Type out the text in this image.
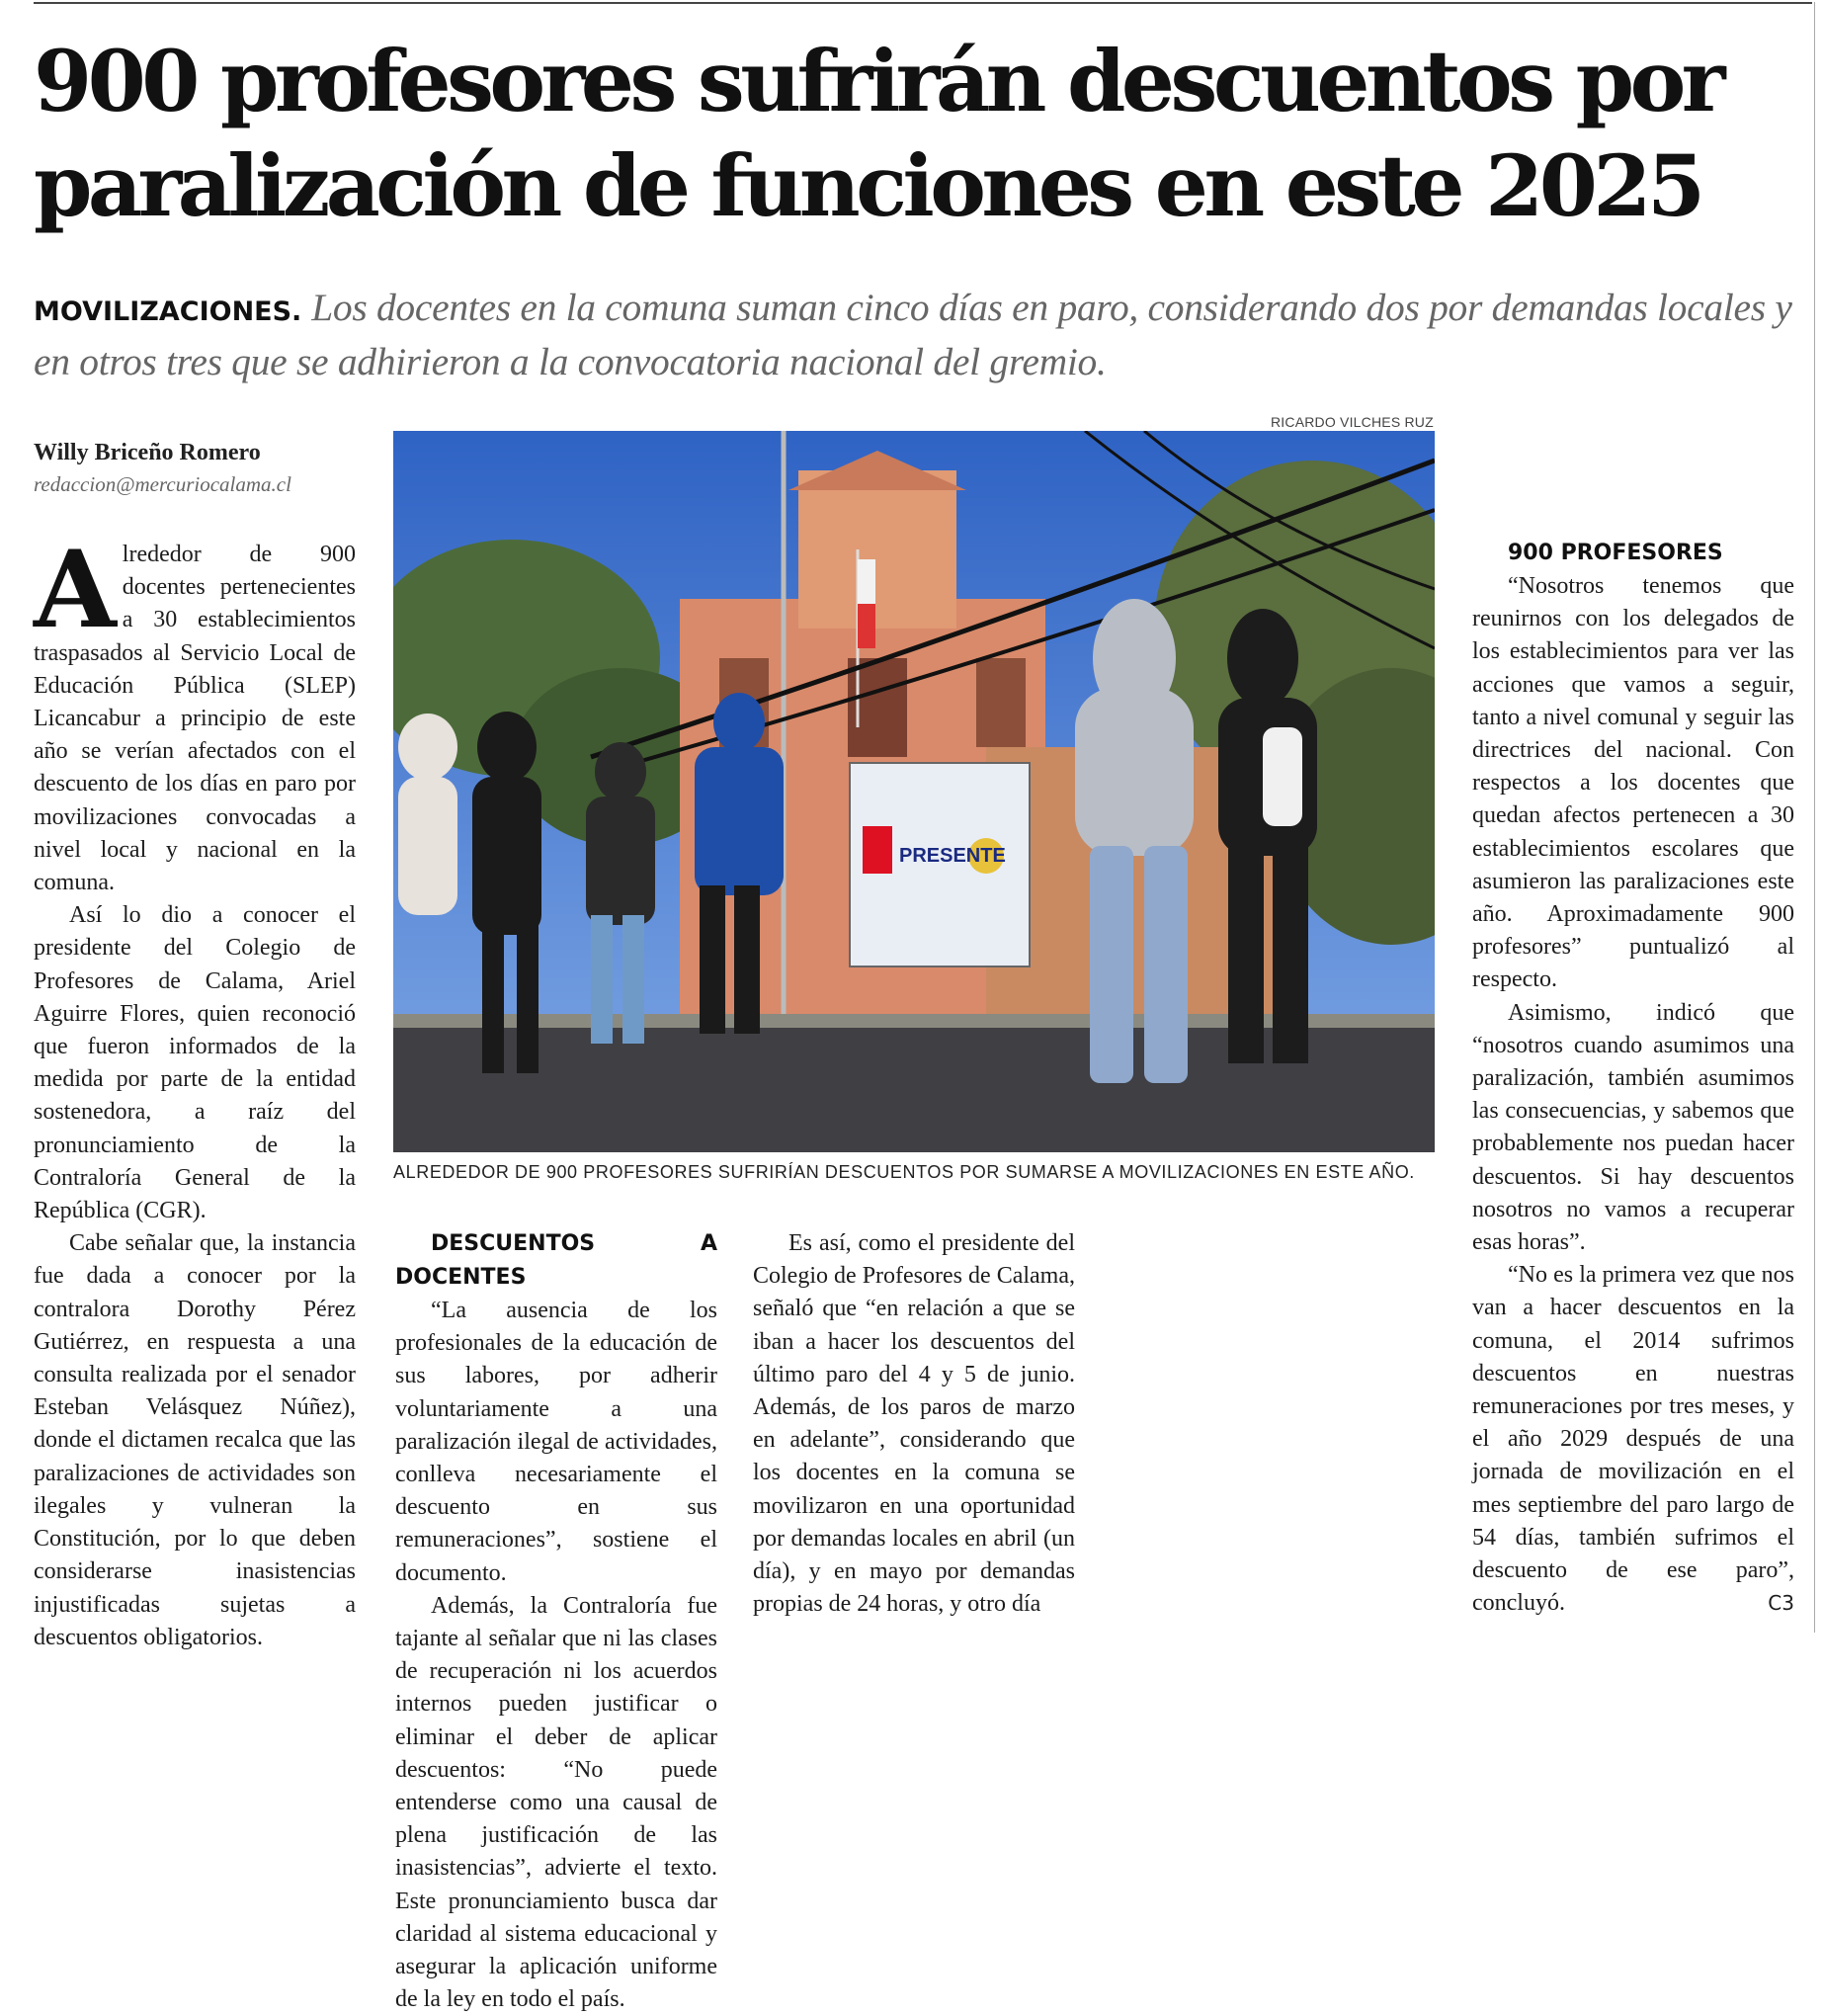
900 profesores sufrirán descuentos por paralización de funciones en este 2025

MOVILIZACIONES. Los docentes en la comuna suman cinco días en paro, considerando dos por demandas locales y en otros tres que se adhirieron a la convocatoria nacional del gremio.

Willy Briceño Romero
redaccion@mercuriocalama.cl

Alrededor de 900 docentes pertenecientes a 30 establecimientos traspasados al Servicio Local de Educación Pública (SLEP) Licancabur a principio de este año se verían afectados con el descuento de los días en paro por movilizaciones convocadas a nivel local y nacional en la comuna.

Así lo dio a conocer el presidente del Colegio de Profesores de Calama, Ariel Aguirre Flores, quien reconoció que fueron informados de la medida por parte de la entidad sostenedora, a raíz del pronunciamiento de la Contraloría General de la República (CGR).

Cabe señalar que, la instancia fue dada a conocer por la contralora Dorothy Pérez Gutiérrez, en respuesta a una consulta realizada por el senador Esteban Velásquez Núñez), donde el dictamen recalca que las paralizaciones de actividades son ilegales y vulneran la Constitución, por lo que deben considerarse inasistencias injustificadas sujetas a descuentos obligatorios.

RICARDO VILCHES RUZ
PRESENTE
ALREDEDOR DE 900 PROFESORES SUFRIRÍAN DESCUENTOS POR SUMARSE A MOVILIZACIONES EN ESTE AÑO.

DESCUENTOS A DOCENTES

“La ausencia de los profesionales de la educación de sus labores, por adherir voluntariamente a una paralización ilegal de actividades, conlleva necesariamente el descuento en sus remuneraciones”, sostiene el documento.

Además, la Contraloría fue tajante al señalar que ni las clases de recuperación ni los acuerdos internos pueden justificar o eliminar el deber de aplicar descuentos: “No puede entenderse como una causal de plena justificación de las inasistencias”, advierte el texto. Este pronunciamiento busca dar claridad al sistema educacional y asegurar la aplicación uniforme de la ley en todo el país.

Es así, como el presidente del Colegio de Profesores de Calama, señaló que “en relación a que se iban a hacer los descuentos del último paro del 4 y 5 de junio. Además, de los paros de marzo en adelante”, considerando que los docentes en la comuna se movilizaron en una oportunidad por demandas locales en abril (un día), y en mayo por demandas propias de 24 horas, y otro día

900 PROFESORES

“Nosotros tenemos que reunirnos con los delegados de los establecimientos para ver las acciones que vamos a seguir, tanto a nivel comunal y seguir las directrices del nacional. Con respectos a los docentes que quedan afectos pertenecen a 30 establecimientos escolares que asumieron las paralizaciones este año. Aproximadamente 900 profesores” puntualizó al respecto.

Asimismo, indicó que “nosotros cuando asumimos una paralización, también asumimos las consecuencias, y sabemos que probablemente nos puedan hacer descuentos. Si hay descuentos nosotros no vamos a recuperar esas horas”.

“No es la primera vez que nos van a hacer descuentos en la comuna, el 2014 sufrimos descuentos en nuestras remuneraciones por tres meses, y el año 2029 después de una jornada de movilización en el mes septiembre del paro largo de 54 días, también sufrimos el descuento de ese paro”, concluyó.	C3
